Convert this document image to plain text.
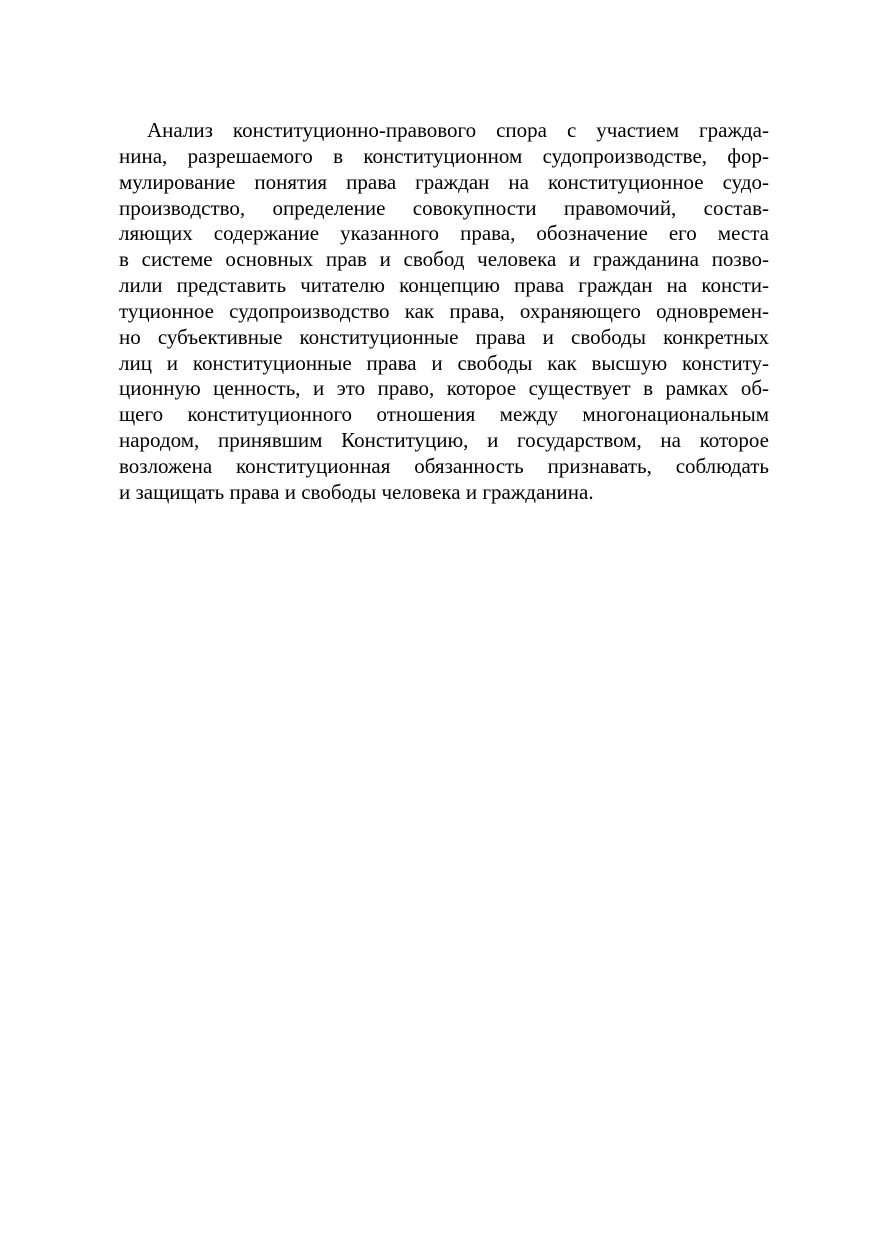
Анализ конституционно-правового спора с участием гражда-
нина, разрешаемого в конституционном судопроизводстве, фор-
мулирование понятия права граждан на конституционное судо-
производство, определение совокупности правомочий, состав-
ляющих содержание указанного права, обозначение его места
в системе основных прав и свобод человека и гражданина позво-
лили представить читателю концепцию права граждан на консти-
туционное судопроизводство как права, охраняющего одновремен-
но субъективные конституционные права и свободы конкретных
лиц и конституционные права и свободы как высшую конститу-
ционную ценность, и это право, которое существует в рамках об-
щего конституционного отношения между многонациональным
народом, принявшим Конституцию, и государством, на которое
возложена конституционная обязанность признавать, соблюдать
и защищать права и свободы человека и гражданина.
